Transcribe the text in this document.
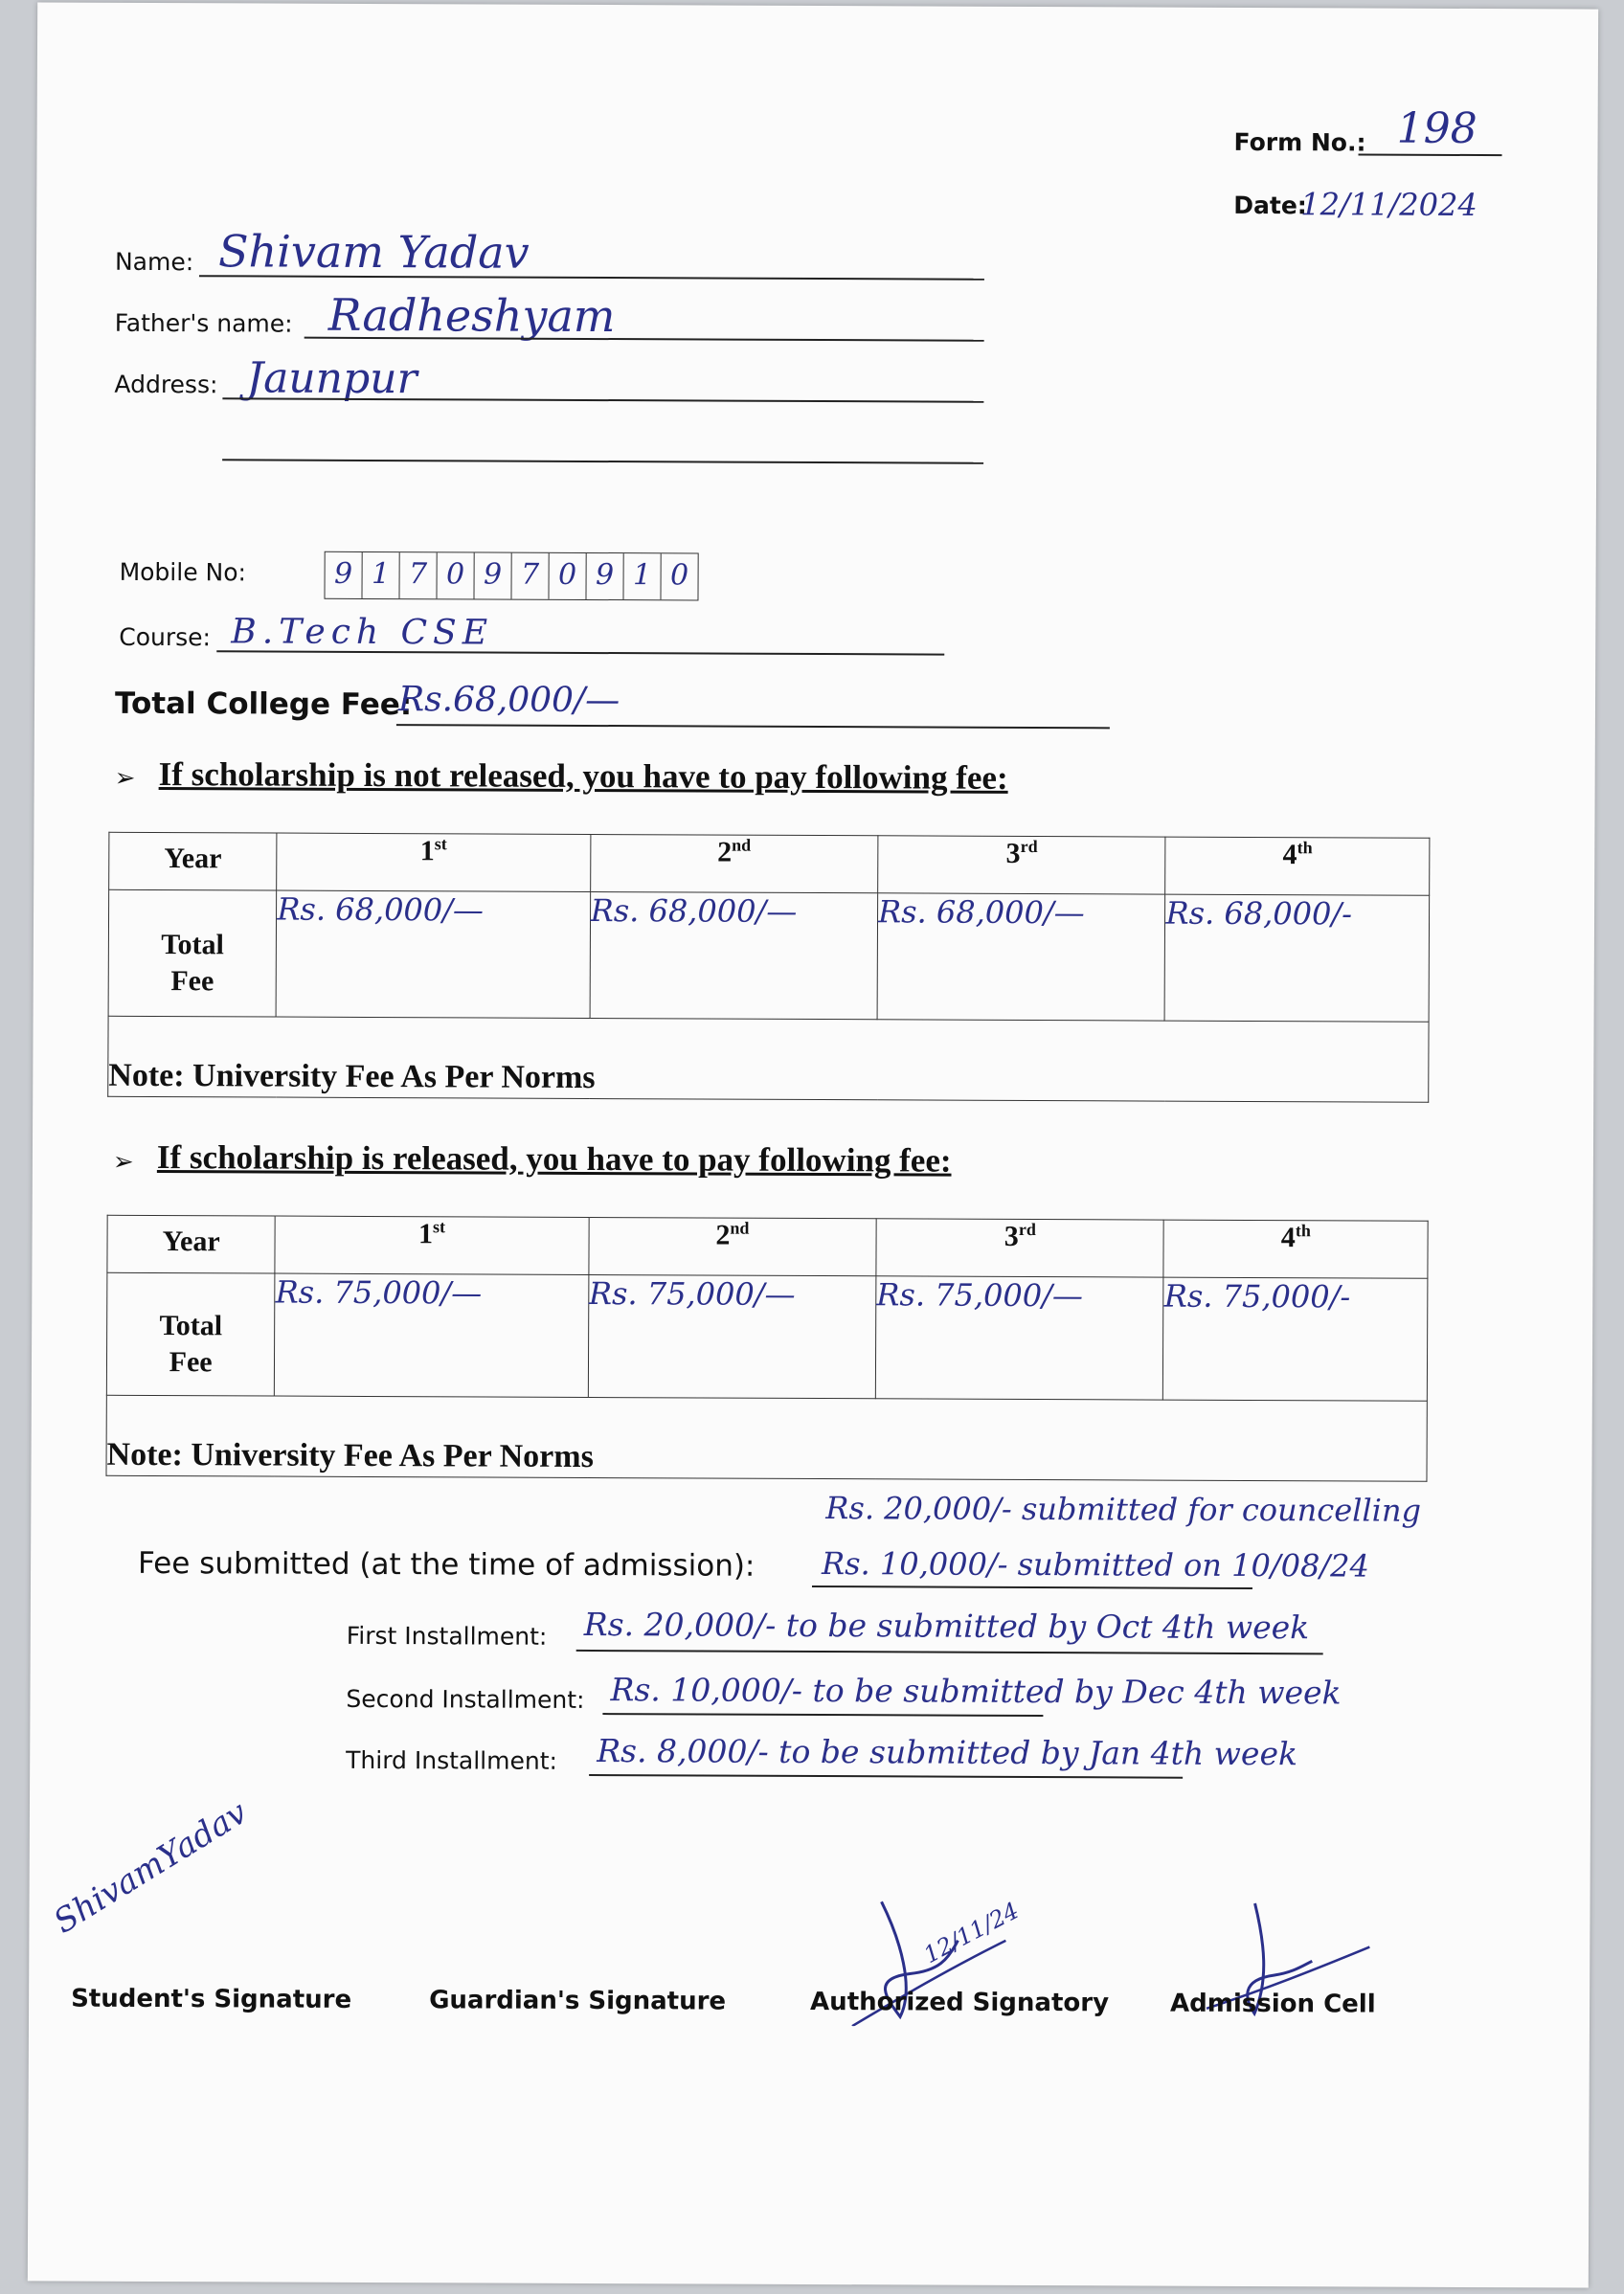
Form No.: 198
Date:
12/11/2024
Name: Shivam Yadav
Father's name: Radheshyam
Address: Jaunpur
Mobile No:	9 1 7 0 9 7 0 9 1 0
Course: B.Tech CSE
Total College Fee:
Rs.68,000/—
➢ If scholarship is not released, you have to pay following fee:
Year	1st	2nd	3rd	4th

Total
Fee	Rs. 68,000/—	Rs. 68,000/—	Rs. 68,000/—	Rs. 68,000/-
Note: University Fee As Per Norms				
➢ If scholarship is released, you have to pay following fee:
Year	1st	2nd	3rd	4th

Total
Fee	Rs. 75,000/—	Rs. 75,000/—	Rs. 75,000/—	Rs. 75,000/-
Note: University Fee As Per Norms				
Rs. 20,000/- submitted for councelling
Fee submitted (at the time of admission): Rs. 10,000/- submitted on 10/08/24
First Installment: Rs. 20,000/- to be submitted by Oct 4th week
Second Installment: Rs. 10,000/- to be submitted by Dec 4th week
Third Installment: Rs. 8,000/- to be submitted by Jan 4th week
ShivamYadav
Student's Signature	Guardian's Signature
12/11/24
Authorized Signatory Admission Cell
